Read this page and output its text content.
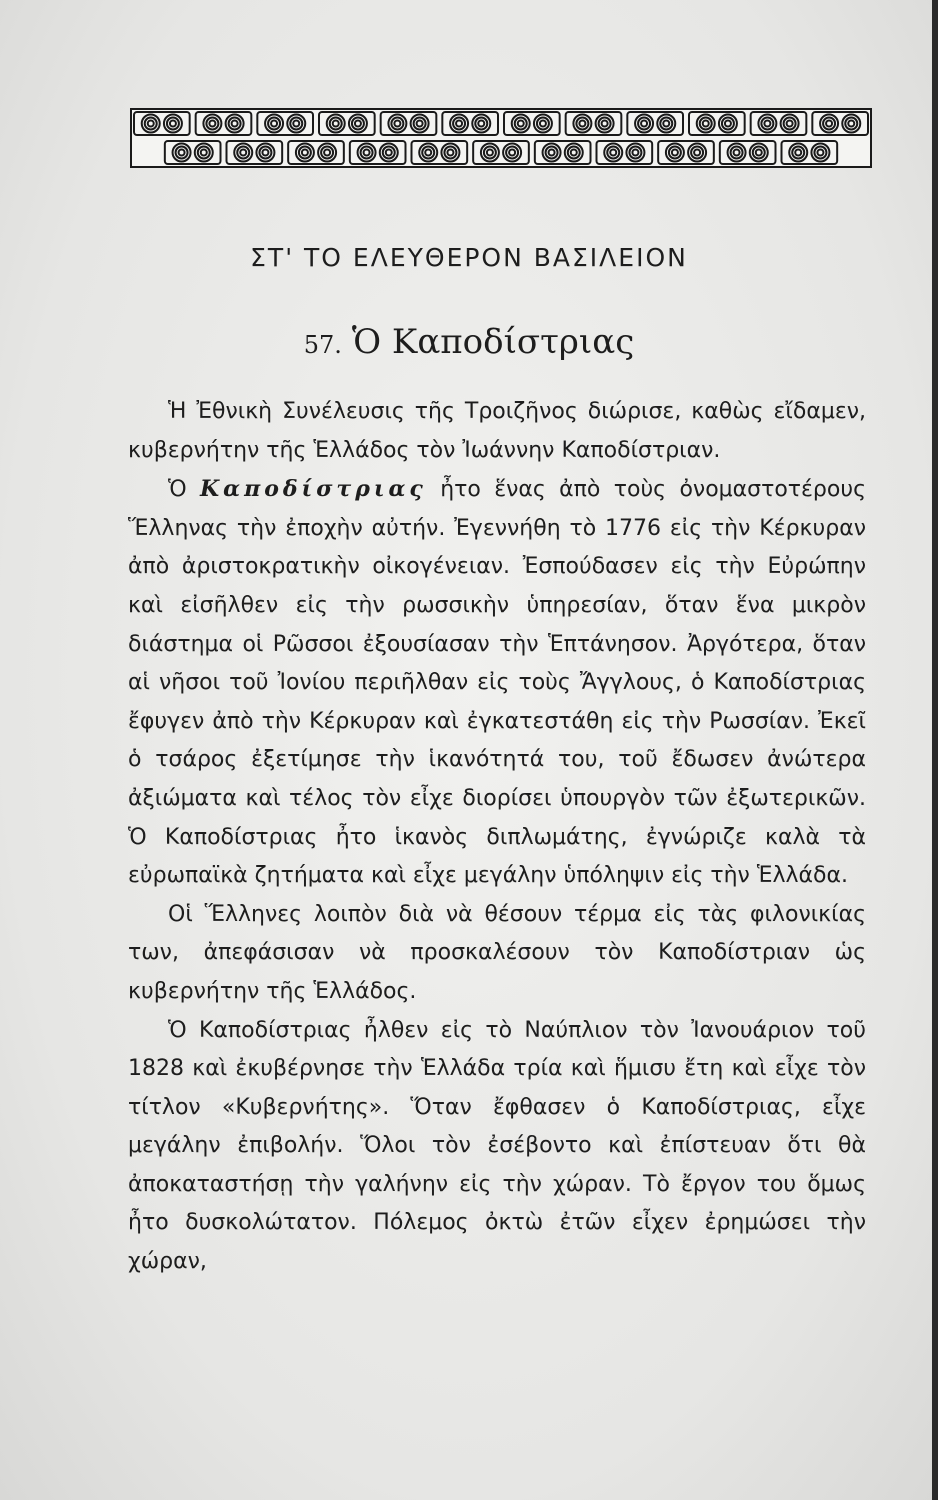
ΣΤ' ΤΟ ΕΛΕΥΘΕΡΟΝ ΒΑΣΙΛΕΙΟΝ
57. Ὁ Καποδίστριας

Ἡ Ἐθνικὴ Συνέλευσις τῆς Τροιζῆνος διώρισε, καθὼς εἴδαμεν, κυβερνήτην τῆς Ἑλλάδος τὸν Ἰωάννην Καποδίστριαν.

Ὁ Καποδίστριας ἦτο ἕνας ἀπὸ τοὺς ὀνομαστοτέρους Ἕλληνας τὴν ἐποχὴν αὐτήν. Ἐγεννήθη τὸ 1776 εἰς τὴν Κέρκυραν ἀπὸ ἀριστοκρατικὴν οἰκογένειαν. Ἐσπούδασεν εἰς τὴν Εὐρώπην καὶ εἰσῆλθεν εἰς τὴν ρωσσικὴν ὑπηρεσίαν, ὅταν ἕνα μικρὸν διάστημα οἱ Ρῶσσοι ἐξουσίασαν τὴν Ἑπτάνησον. Ἀργότερα, ὅταν αἱ νῆσοι τοῦ Ἰονίου περιῆλθαν εἰς τοὺς Ἄγγλους, ὁ Καποδίστριας ἔφυγεν ἀπὸ τὴν Κέρκυραν καὶ ἐγκατεστάθη εἰς τὴν Ρωσσίαν. Ἐκεῖ ὁ τσάρος ἐξετίμησε τὴν ἱκανότητά του, τοῦ ἔδωσεν ἀνώτερα ἀξιώματα καὶ τέλος τὸν εἶχε διορίσει ὑπουργὸν τῶν ἐξωτερικῶν. Ὁ Καποδίστριας ἦτο ἱκανὸς διπλωμάτης, ἐγνώριζε καλὰ τὰ εὐρωπαϊκὰ ζητήματα καὶ εἶχε μεγάλην ὑπόληψιν εἰς τὴν Ἑλλάδα.

Οἱ Ἕλληνες λοιπὸν διὰ νὰ θέσουν τέρμα εἰς τὰς φιλονικίας των, ἀπεφάσισαν νὰ προσκαλέσουν τὸν Καποδίστριαν ὡς κυβερνήτην τῆς Ἑλλάδος.

Ὁ Καποδίστριας ἦλθεν εἰς τὸ Ναύπλιον τὸν Ἰανουάριον τοῦ 1828 καὶ ἐκυβέρνησε τὴν Ἑλλάδα τρία καὶ ἥμισυ ἔτη καὶ εἶχε τὸν τίτλον «Κυβερνήτης». Ὅταν ἔφθασεν ὁ Καποδίστριας, εἶχε μεγάλην ἐπιβολήν. Ὅλοι τὸν ἐσέβοντο καὶ ἐπίστευαν ὅτι θὰ ἀποκαταστήσῃ τὴν γαλήνην εἰς τὴν χώραν. Τὸ ἔργον του ὅμως ἦτο δυσκολώτατον. Πόλεμος ὀκτὼ ἐτῶν εἶχεν ἐρημώσει τὴν χώραν,
